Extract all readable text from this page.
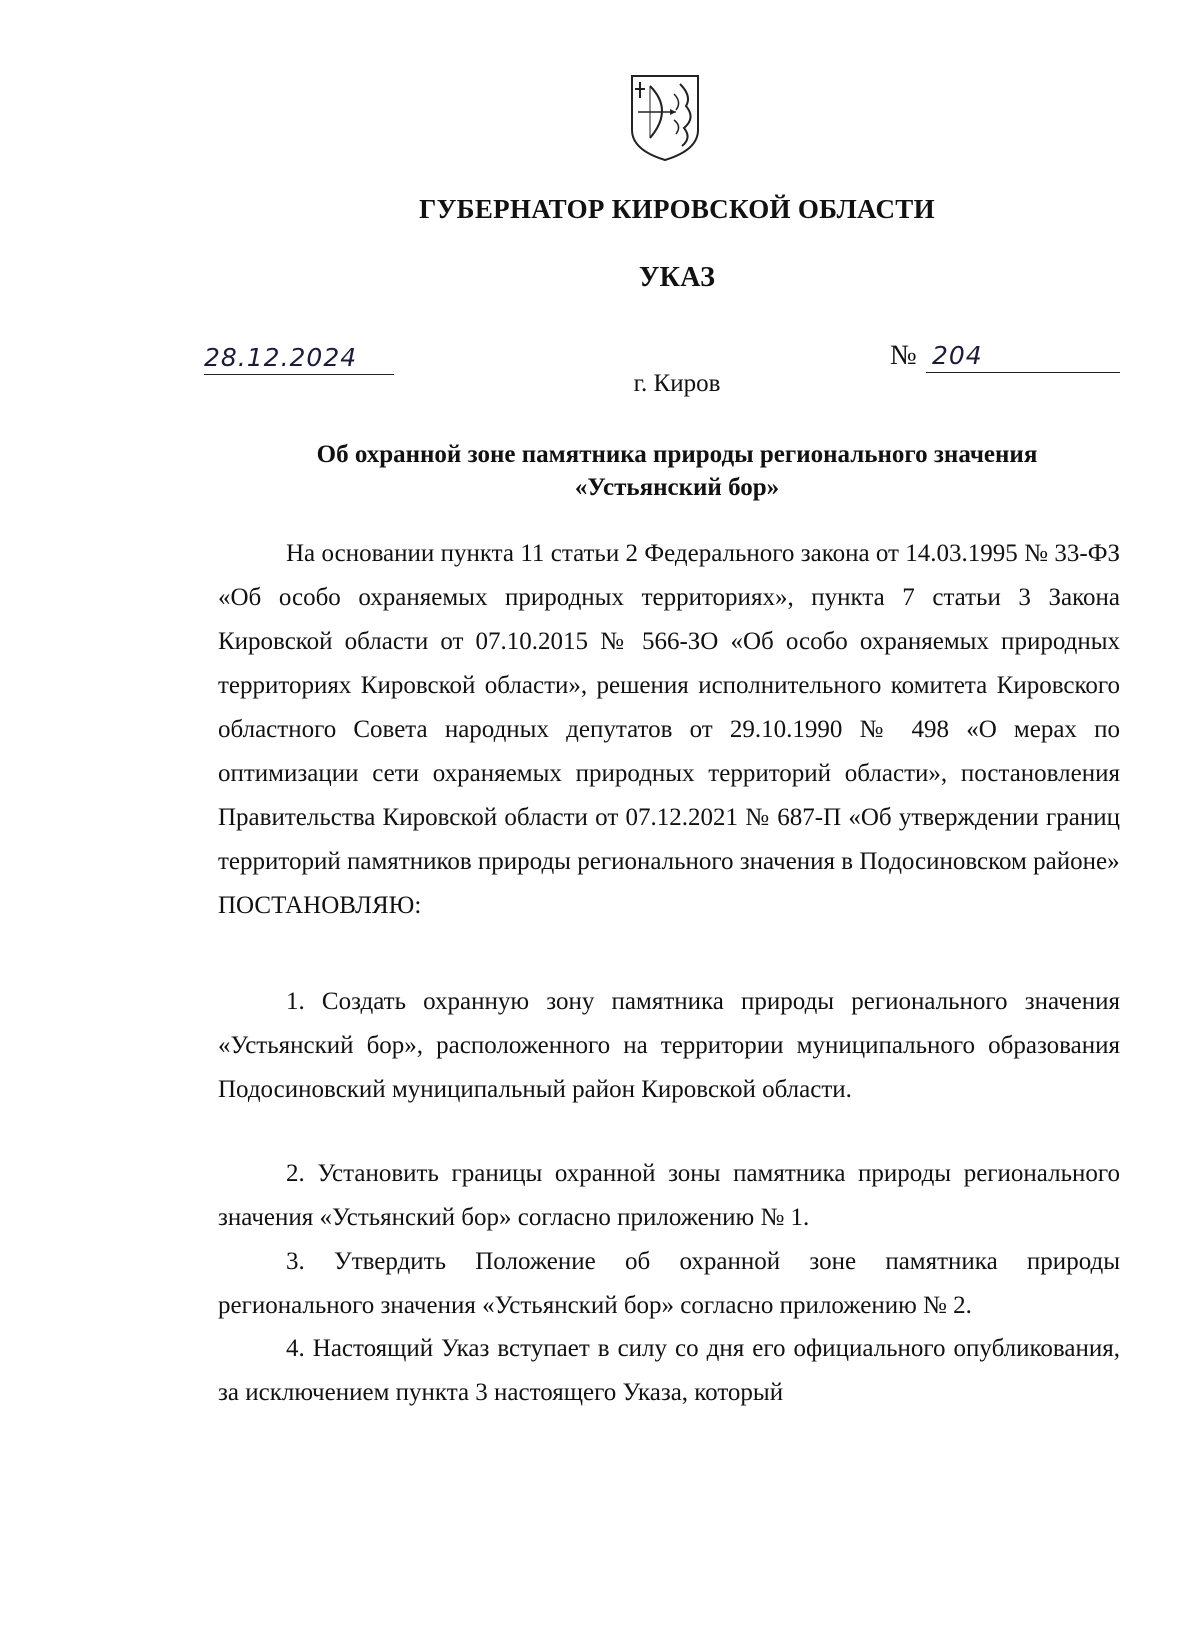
ГУБЕРНАТОР КИРОВСКОЙ ОБЛАСТИ
УКАЗ
28.12.2024	№ 204
г. Киров

Об охранной зоне памятника природы регионального значения
«Устьянский бор»

На основании пункта 11 статьи 2 Федерального закона от 14.03.1995 № 33-ФЗ «Об особо охраняемых природных территориях», пункта 7 статьи 3 Закона Кировской области от 07.10.2015 № 566-ЗО «Об особо охраняемых природных территориях Кировской области», решения исполнительного комитета Кировского областного Совета народных депутатов от 29.10.1990 № 498 «О мерах по оптимизации сети охраняемых природных территорий области», постановления Правительства Кировской области от 07.12.2021 № 687-П «Об утверждении границ территорий памятников природы регионального значения в Подосиновском районе»
ПОСТАНОВЛЯЮ:

1. Создать охранную зону памятника природы регионального значения «Устьянский бор», расположенного на территории муниципального образования Подосиновский муниципальный район Кировской области.

2. Установить границы охранной зоны памятника природы регионального значения «Устьянский бор» согласно приложению № 1.

3. Утвердить Положение об охранной зоне памятника природы регионального значения «Устьянский бор» согласно приложению № 2.

4. Настоящий Указ вступает в силу со дня его официального опубликования, за исключением пункта 3 настоящего Указа, который
